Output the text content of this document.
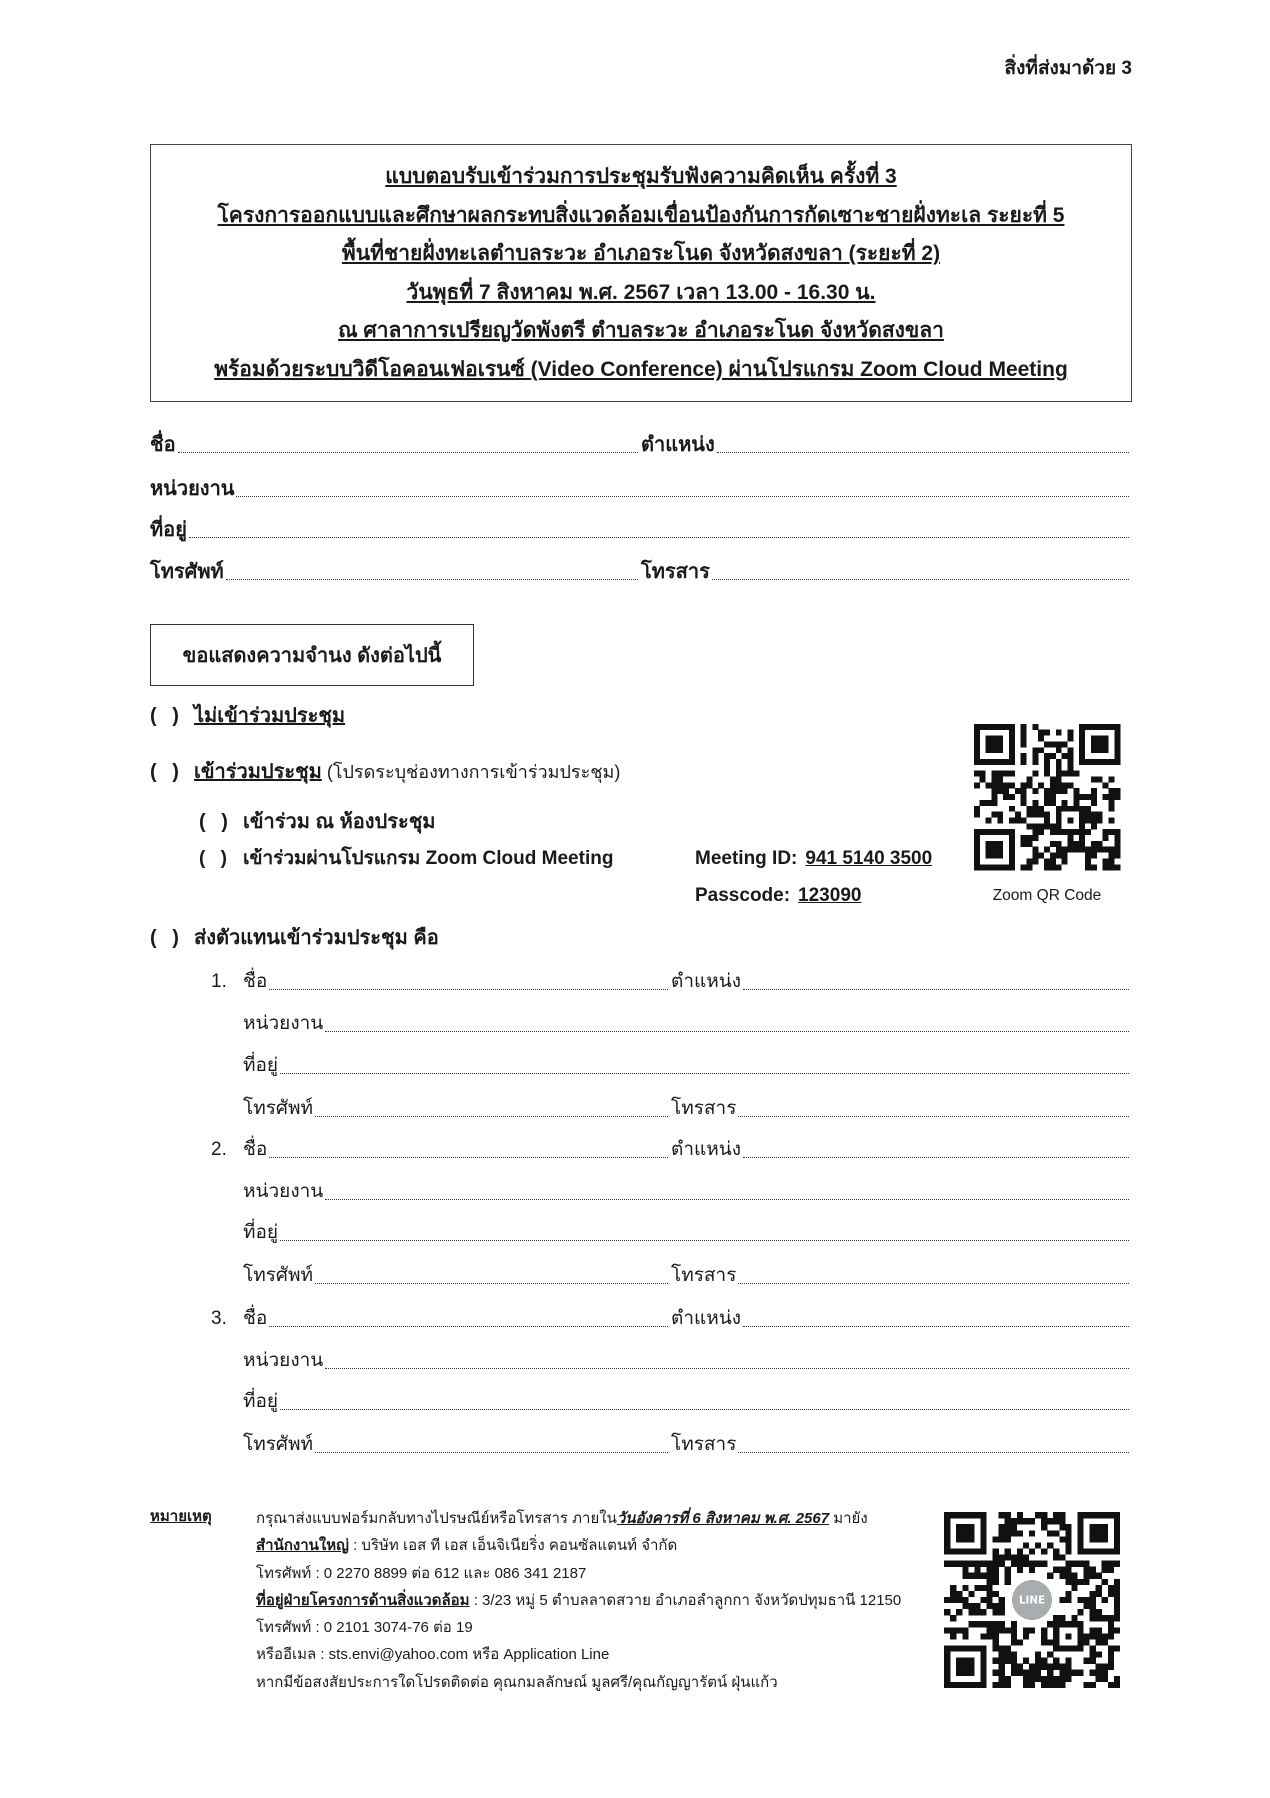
สิ่งที่ส่งมาด้วย 3
แบบตอบรับเข้าร่วมการประชุมรับฟังความคิดเห็น ครั้งที่ 3
โครงการออกแบบและศึกษาผลกระทบสิ่งแวดล้อมเขื่อนป้องกันการกัดเซาะชายฝั่งทะเล ระยะที่ 5
พื้นที่ชายฝั่งทะเลตำบลระวะ อำเภอระโนด จังหวัดสงขลา (ระยะที่ 2)
วันพุธที่ 7 สิงหาคม พ.ศ. 2567 เวลา 13.00 - 16.30 น.
ณ ศาลาการเปรียญวัดพังตรี ตำบลระวะ อำเภอระโนด จังหวัดสงขลา
พร้อมด้วยระบบวิดีโอคอนเฟอเรนซ์ (Video Conference) ผ่านโปรแกรม Zoom Cloud Meeting
ชื่อ	ตำแหน่ง
หน่วยงาน
ที่อยู่
โทรศัพท์	โทรสาร
ขอแสดงความจำนง ดังต่อไปนี้
( ) ไม่เข้าร่วมประชุม
( ) เข้าร่วมประชุม (โปรดระบุช่องทางการเข้าร่วมประชุม)
( ) เข้าร่วม ณ ห้องประชุม
( ) เข้าร่วมผ่านโปรแกรม Zoom Cloud Meeting	Meeting ID: 941 5140 3500
Passcode: 123090	Zoom QR Code
( ) ส่งตัวแทนเข้าร่วมประชุม คือ
1. ชื่อ	ตำแหน่ง
หน่วยงาน
ที่อยู่
โทรศัพท์	โทรสาร
2. ชื่อ	ตำแหน่ง
หน่วยงาน
ที่อยู่
โทรศัพท์	โทรสาร
3. ชื่อ	ตำแหน่ง
หน่วยงาน
ที่อยู่
โทรศัพท์	โทรสาร
หมายเหตุ	กรุณาส่งแบบฟอร์มกลับทางไปรษณีย์หรือโทรสาร ภายในวันอังคารที่ 6 สิงหาคม พ.ศ. 2567 มายัง
สำนักงานใหญ่ : บริษัท เอส ที เอส เอ็นจิเนียริ่ง คอนซัลแตนท์ จำกัด
โทรศัพท์ : 0 2270 8899 ต่อ 612 และ 086 341 2187
ที่อยู่ฝ่ายโครงการด้านสิ่งแวดล้อม : 3/23 หมู่ 5 ตำบลลาดสวาย อำเภอลำลูกกา จังหวัดปทุมธานี 12150
โทรศัพท์ : 0 2101 3074-76 ต่อ 19
หรืออีเมล : sts.envi@yahoo.com หรือ Application Line
หากมีข้อสงสัยประการใดโปรดติดต่อ คุณกมลลักษณ์ มูลศรี/คุณกัญญารัตน์ ฝุ่นแก้ว
LINE
